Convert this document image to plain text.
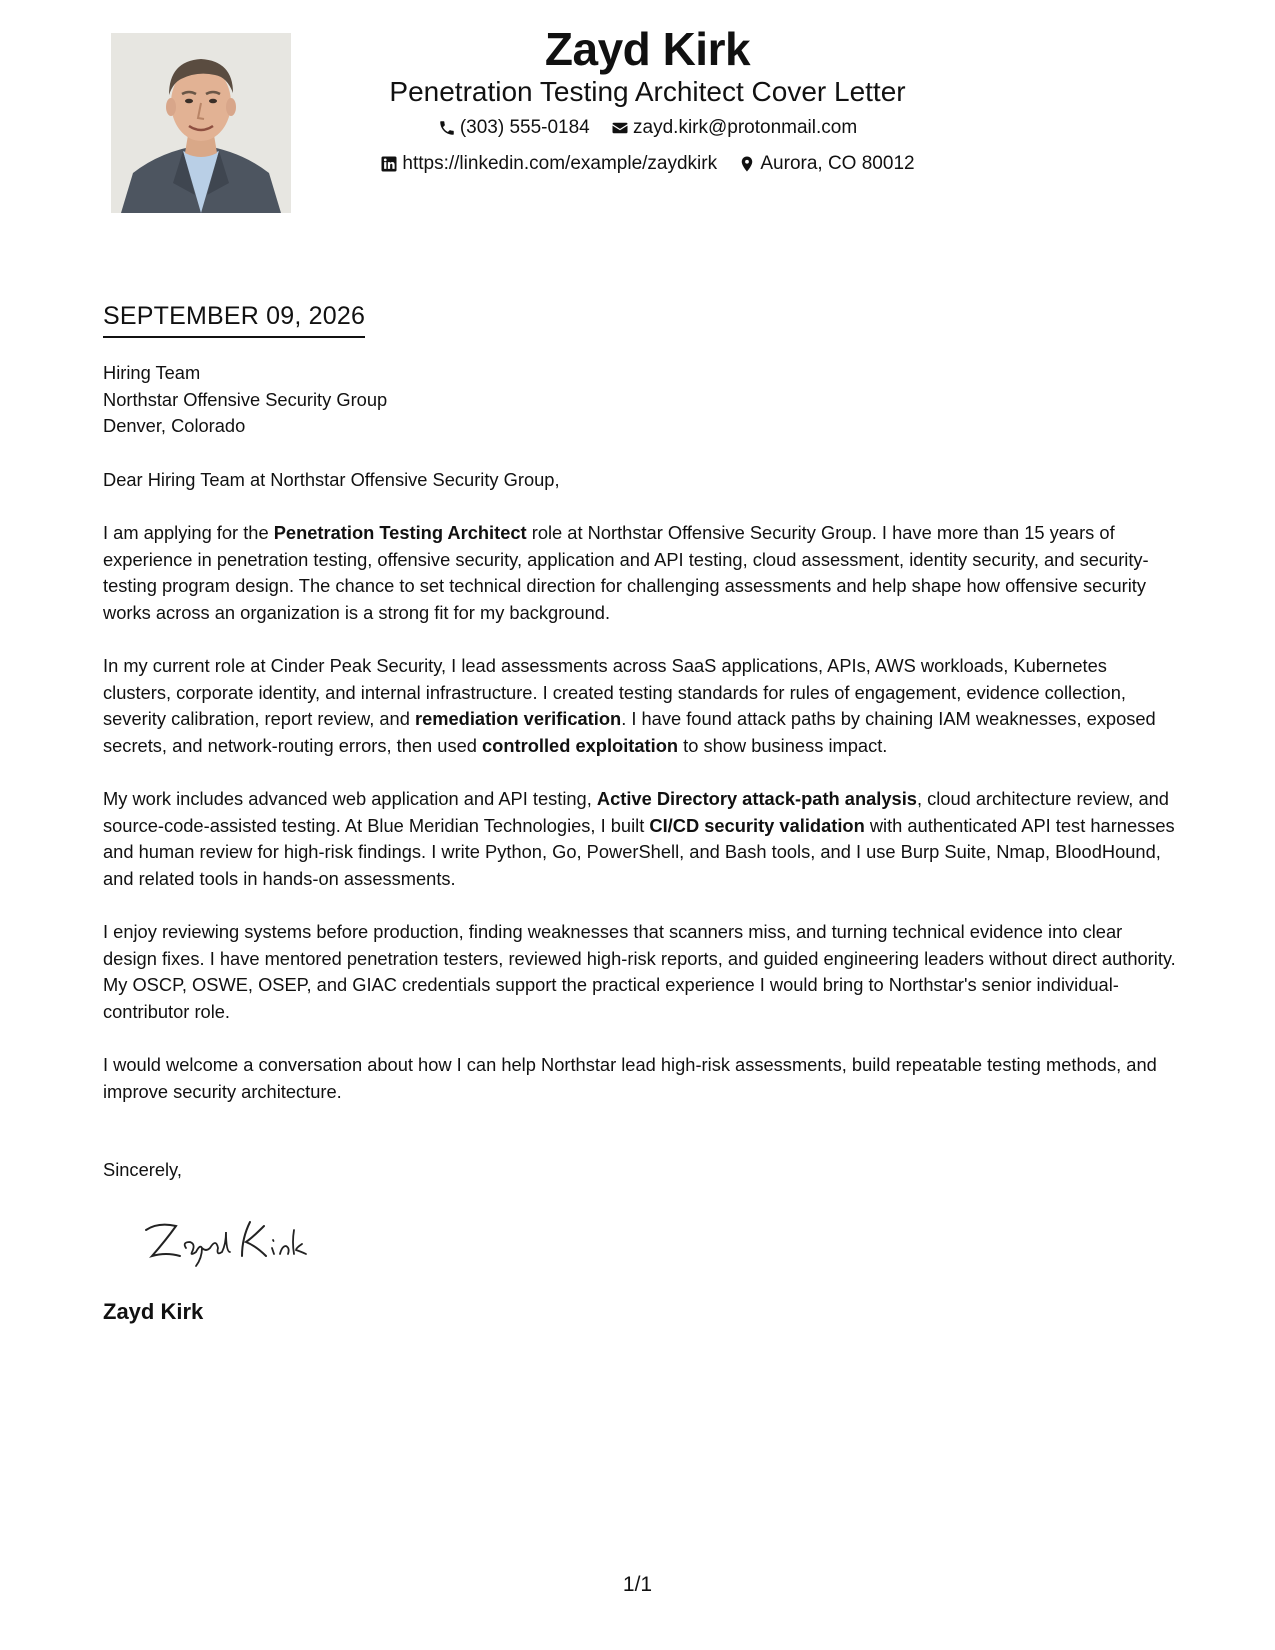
Zayd Kirk
Penetration Testing Architect Cover Letter
(303) 555-0184
zayd.kirk@protonmail.com
https://linkedin.com/example/zaydkirk
Aurora, CO 80012
SEPTEMBER 09, 2026

Hiring Team

Northstar Offensive Security Group

Denver, Colorado

Dear Hiring Team at Northstar Offensive Security Group,

I am applying for the Penetration Testing Architect role at Northstar Offensive Security Group. I have more than 15 years of experience in penetration testing, offensive security, application and API testing, cloud assessment, identity security, and security-testing program design. The chance to set technical direction for challenging assessments and help shape how offensive security works across an organization is a strong fit for my background.

In my current role at Cinder Peak Security, I lead assessments across SaaS applications, APIs, AWS workloads, Kubernetes clusters, corporate identity, and internal infrastructure. I created testing standards for rules of engagement, evidence collection, severity calibration, report review, and remediation verification. I have found attack paths by chaining IAM weaknesses, exposed secrets, and network-routing errors, then used controlled exploitation to show business impact.

My work includes advanced web application and API testing, Active Directory attack-path analysis, cloud architecture review, and source-code-assisted testing. At Blue Meridian Technologies, I built CI/CD security validation with authenticated API test harnesses and human review for high-risk findings. I write Python, Go, PowerShell, and Bash tools, and I use Burp Suite, Nmap, BloodHound, and related tools in hands-on assessments.

I enjoy reviewing systems before production, finding weaknesses that scanners miss, and turning technical evidence into clear design fixes. I have mentored penetration testers, reviewed high-risk reports, and guided engineering leaders without direct authority. My OSCP, OSWE, OSEP, and GIAC credentials support the practical experience I would bring to Northstar's senior individual-contributor role.

I would welcome a conversation about how I can help Northstar lead high-risk assessments, build repeatable testing methods, and improve security architecture.

Sincerely,

Zayd Kirk
1/1
